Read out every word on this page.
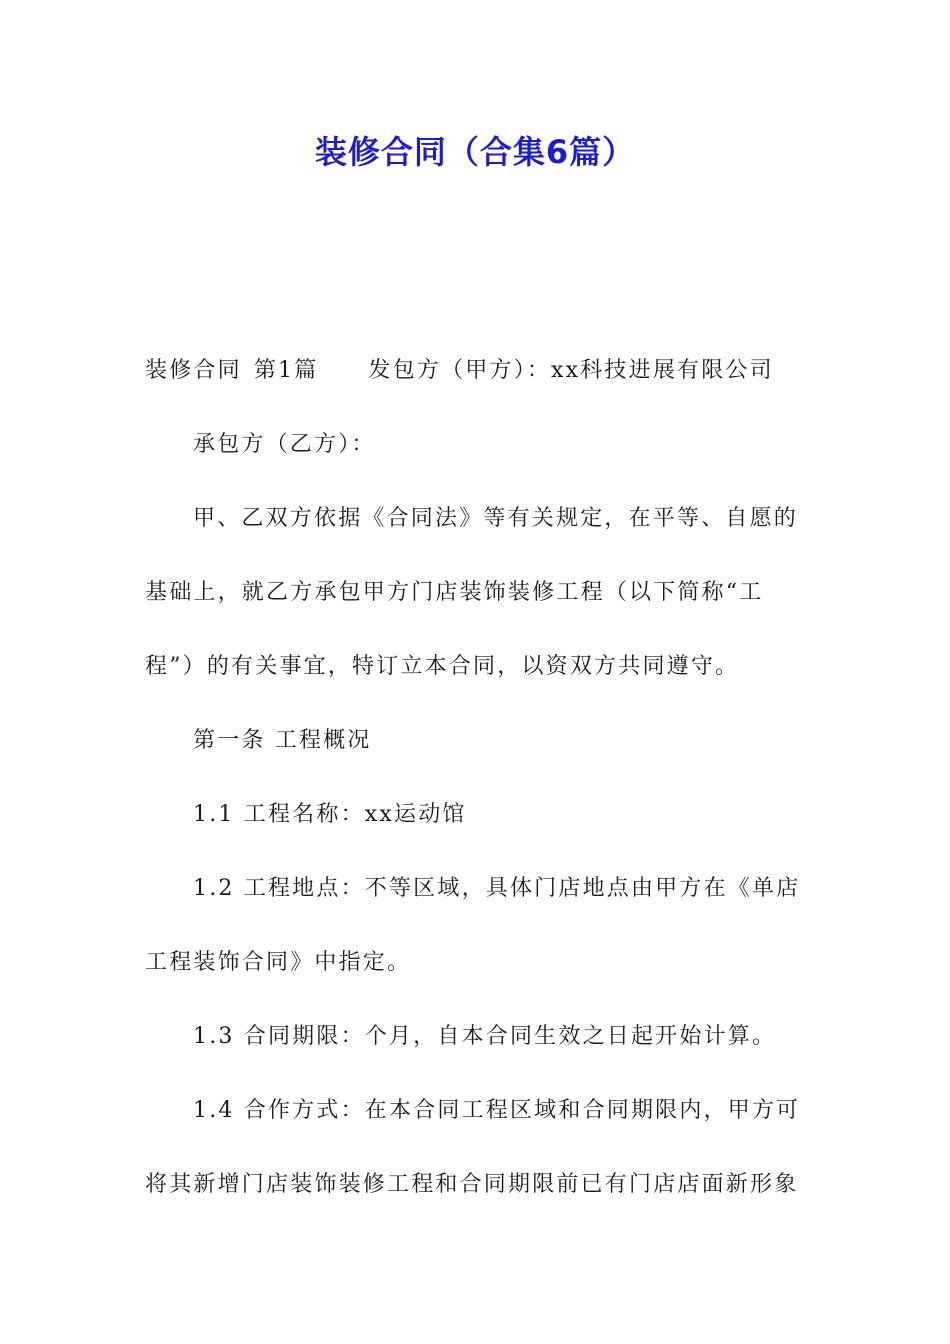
装修合同（合集6篇）
装修合同 第1篇 发包方（甲方）：xx科技进展有限公司
承包方（乙方）：
甲、乙双方依据《合同法》等有关规定，在平等、自愿的
基础上，就乙方承包甲方门店装饰装修工程（以下简称“工
程”）的有关事宜，特订立本合同，以资双方共同遵守。
第一条 工程概况
1.1 工程名称：xx运动馆
1.2 工程地点：不等区域，具体门店地点由甲方在《单店
工程装饰合同》中指定。
1.3 合同期限：个月，自本合同生效之日起开始计算。
1.4 合作方式：在本合同工程区域和合同期限内，甲方可
将其新增门店装饰装修工程和合同期限前已有门店店面新形象
